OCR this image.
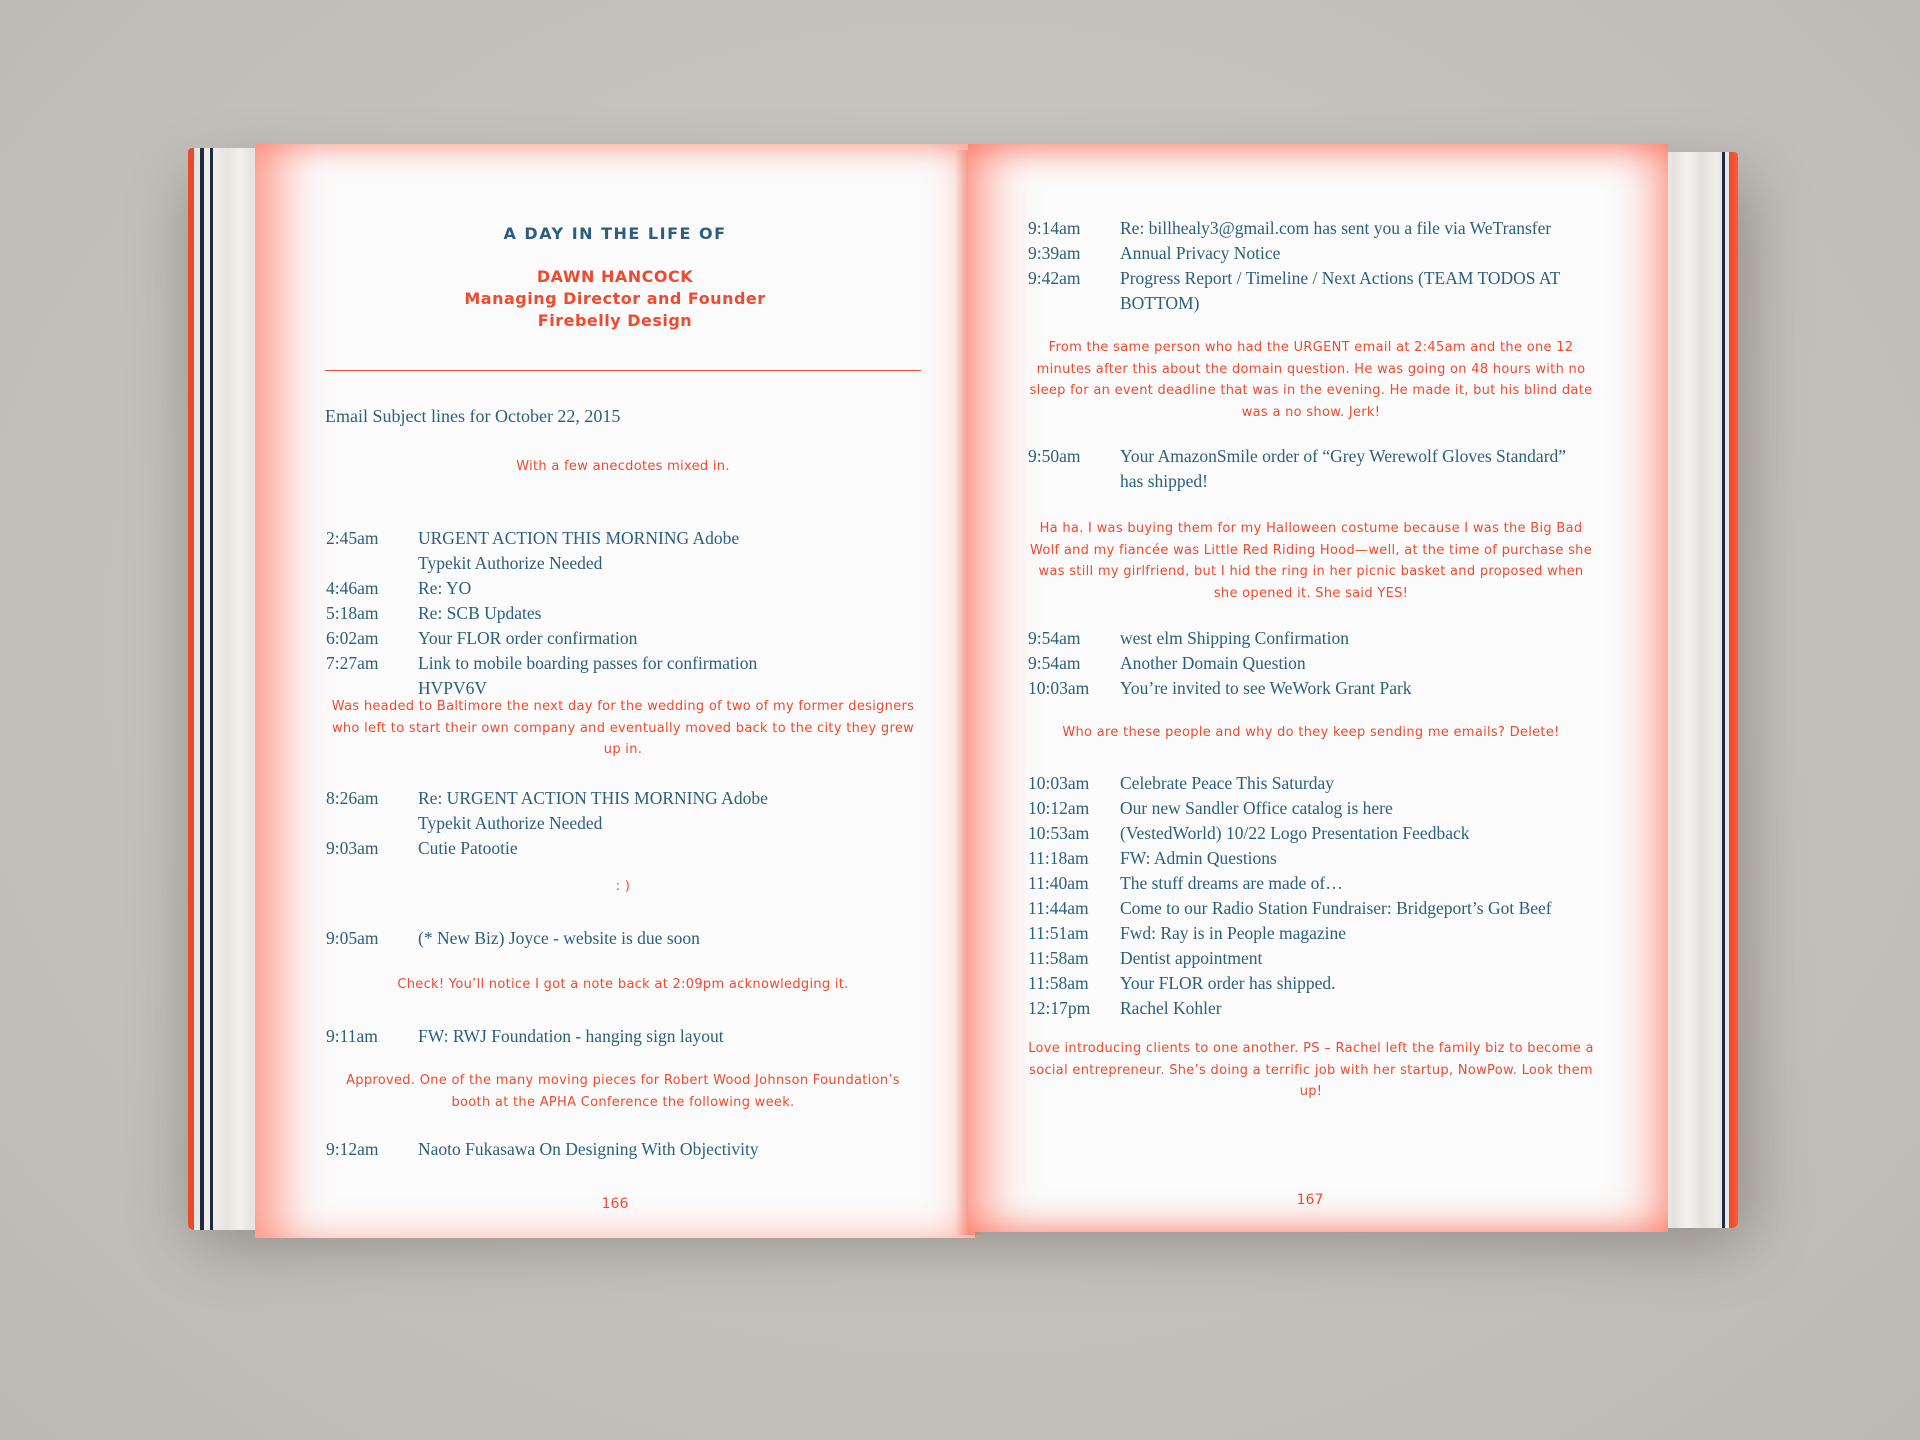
A DAY IN THE LIFE OF
DAWN HANCOCK
Managing Director and Founder
Firebelly Design
Email Subject lines for October 22, 2015
With a few anecdotes mixed in.
2:45am	URGENT ACTION THIS MORNING Adobe Typekit Authorize Needed
4:46am	Re: YO
5:18am	Re: SCB Updates
6:02am	Your FLOR order confirmation
7:27am	Link to mobile boarding passes for confirmation HVPV6V
Was headed to Baltimore the next day for the wedding of two of my former designers who left to start their own company and eventually moved back to the city they grew up in.
8:26am	Re: URGENT ACTION THIS MORNING Adobe Typekit Authorize Needed
9:03am	Cutie Patootie
: )
9:05am	(* New Biz) Joyce - website is due soon
Check! You’ll notice I got a note back at 2:09pm acknowledging it.
9:11am	FW: RWJ Foundation - hanging sign layout
Approved. One of the many moving pieces for Robert Wood Johnson Foundation’s booth at the APHA Conference the following week.
9:12am	Naoto Fukasawa On Designing With Objectivity
166
9:14am	Re: billhealy3@gmail.com has sent you a file via WeTransfer
9:39am	Annual Privacy Notice
9:42am	Progress Report / Timeline / Next Actions (TEAM TODOS AT BOTTOM)
From the same person who had the URGENT email at 2:45am and the one 12 minutes after this about the domain question. He was going on 48 hours with no sleep for an event deadline that was in the evening. He made it, but his blind date was a no show. Jerk!
9:50am	Your AmazonSmile order of “Grey Werewolf Gloves Standard” has shipped!
Ha ha. I was buying them for my Halloween costume because I was the Big Bad Wolf and my fiancée was Little Red Riding Hood—well, at the time of purchase she was still my girlfriend, but I hid the ring in her picnic basket and proposed when she opened it. She said YES!
9:54am	west elm Shipping Confirmation
9:54am	Another Domain Question
10:03am	You’re invited to see WeWork Grant Park
Who are these people and why do they keep sending me emails? Delete!
10:03am	Celebrate Peace This Saturday
10:12am	Our new Sandler Office catalog is here
10:53am	(VestedWorld) 10/22 Logo Presentation Feedback
11:18am	FW: Admin Questions
11:40am	The stuff dreams are made of…
11:44am	Come to our Radio Station Fundraiser: Bridgeport’s Got Beef
11:51am	Fwd: Ray is in People magazine
11:58am	Dentist appointment
11:58am	Your FLOR order has shipped.
12:17pm	Rachel Kohler
Love introducing clients to one another. PS – Rachel left the family biz to become a social entrepreneur. She’s doing a terrific job with her startup, NowPow. Look them up!
167
